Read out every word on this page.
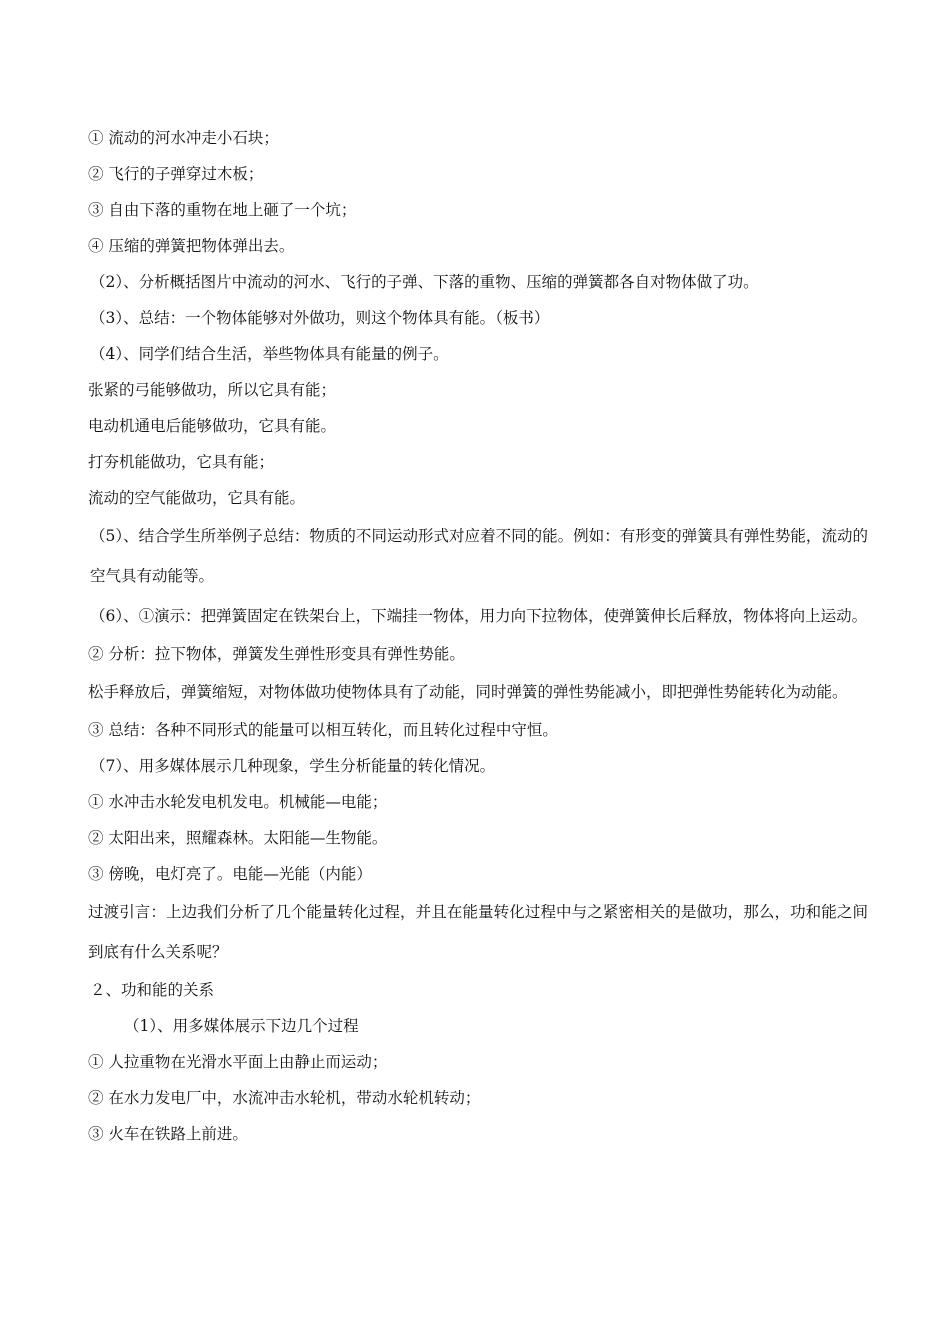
① 流动的河水冲走小石块；

② 飞行的子弹穿过木板；

③ 自由下落的重物在地上砸了一个坑；

④ 压缩的弹簧把物体弹出去。

（2）、分析概括图片中流动的河水、飞行的子弹、下落的重物、压缩的弹簧都各自对物体做了功。

（3）、总结：一个物体能够对外做功，则这个物体具有能。（板书）

（4）、同学们结合生活，举些物体具有能量的例子。

张紧的弓能够做功，所以它具有能；

电动机通电后能够做功，它具有能。

打夯机能做功，它具有能；

流动的空气能做功，它具有能。

（5）、结合学生所举例子总结：物质的不同运动形式对应着不同的能。例如：有形变的弹簧具有弹性势能，流动的空气具有动能等。

（6）、①演示：把弹簧固定在铁架台上，下端挂一物体，用力向下拉物体，使弹簧伸长后释放，物体将向上运动。

② 分析：拉下物体，弹簧发生弹性形变具有弹性势能。

松手释放后，弹簧缩短，对物体做功使物体具有了动能，同时弹簧的弹性势能减小，即把弹性势能转化为动能。

③ 总结：各种不同形式的能量可以相互转化，而且转化过程中守恒。

（7）、用多媒体展示几种现象，学生分析能量的转化情况。

① 水冲击水轮发电机发电。机械能—电能；

② 太阳出来，照耀森林。太阳能—生物能。

③ 傍晚，电灯亮了。电能—光能（内能）

过渡引言：上边我们分析了几个能量转化过程，并且在能量转化过程中与之紧密相关的是做功，那么，功和能之间到底有什么关系呢？

２、功和能的关系

（1）、用多媒体展示下边几个过程

① 人拉重物在光滑水平面上由静止而运动；

② 在水力发电厂中，水流冲击水轮机，带动水轮机转动；

③ 火车在铁路上前进。
